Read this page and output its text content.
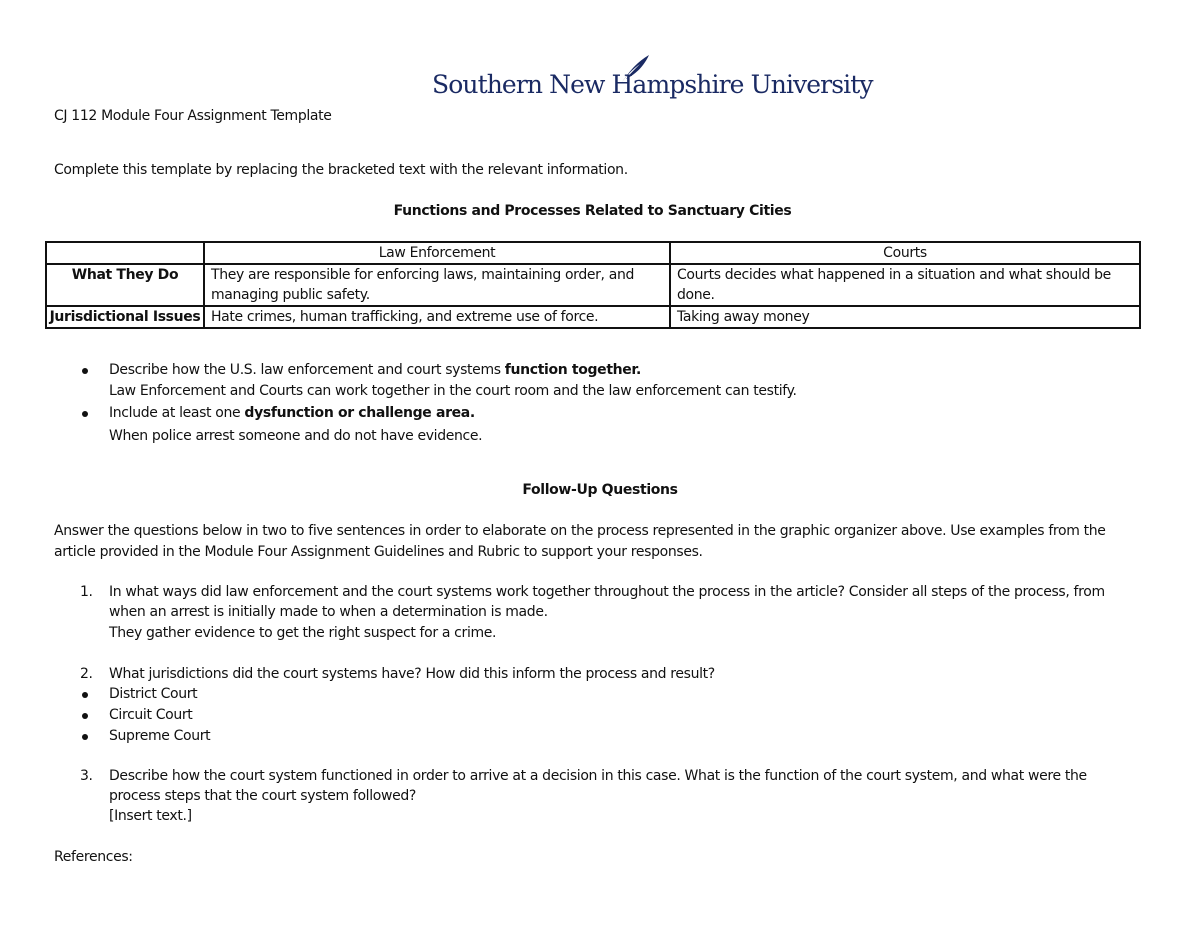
Southern New Hampshire University
CJ 112 Module Four Assignment Template
Complete this template by replacing the bracketed text with the relevant information.
Functions and Processes Related to Sanctuary Cities
	Law Enforcement	Courts
What They Do	They are responsible for enforcing laws, maintaining order, and managing public safety.	Courts decides what happened in a situation and what should be done.
Jurisdictional Issues	Hate crimes, human trafficking, and extreme use of force.	Taking away money
Describe how the U.S. law enforcement and court systems function together.
Law Enforcement and Courts can work together in the court room and the law enforcement can testify.
Include at least one dysfunction or challenge area.
When police arrest someone and do not have evidence.
Follow-Up Questions
Answer the questions below in two to five sentences in order to elaborate on the process represented in the graphic organizer above. Use examples from the
article provided in the Module Four Assignment Guidelines and Rubric to support your responses.
1. In what ways did law enforcement and the court systems work together throughout the process in the article? Consider all steps of the process, from
when an arrest is initially made to when a determination is made.
They gather evidence to get the right suspect for a crime.
2. What jurisdictions did the court systems have? How did this inform the process and result?
District Court
Circuit Court
Supreme Court
3. Describe how the court system functioned in order to arrive at a decision in this case. What is the function of the court system, and what were the
process steps that the court system followed?
[Insert text.]
References:
